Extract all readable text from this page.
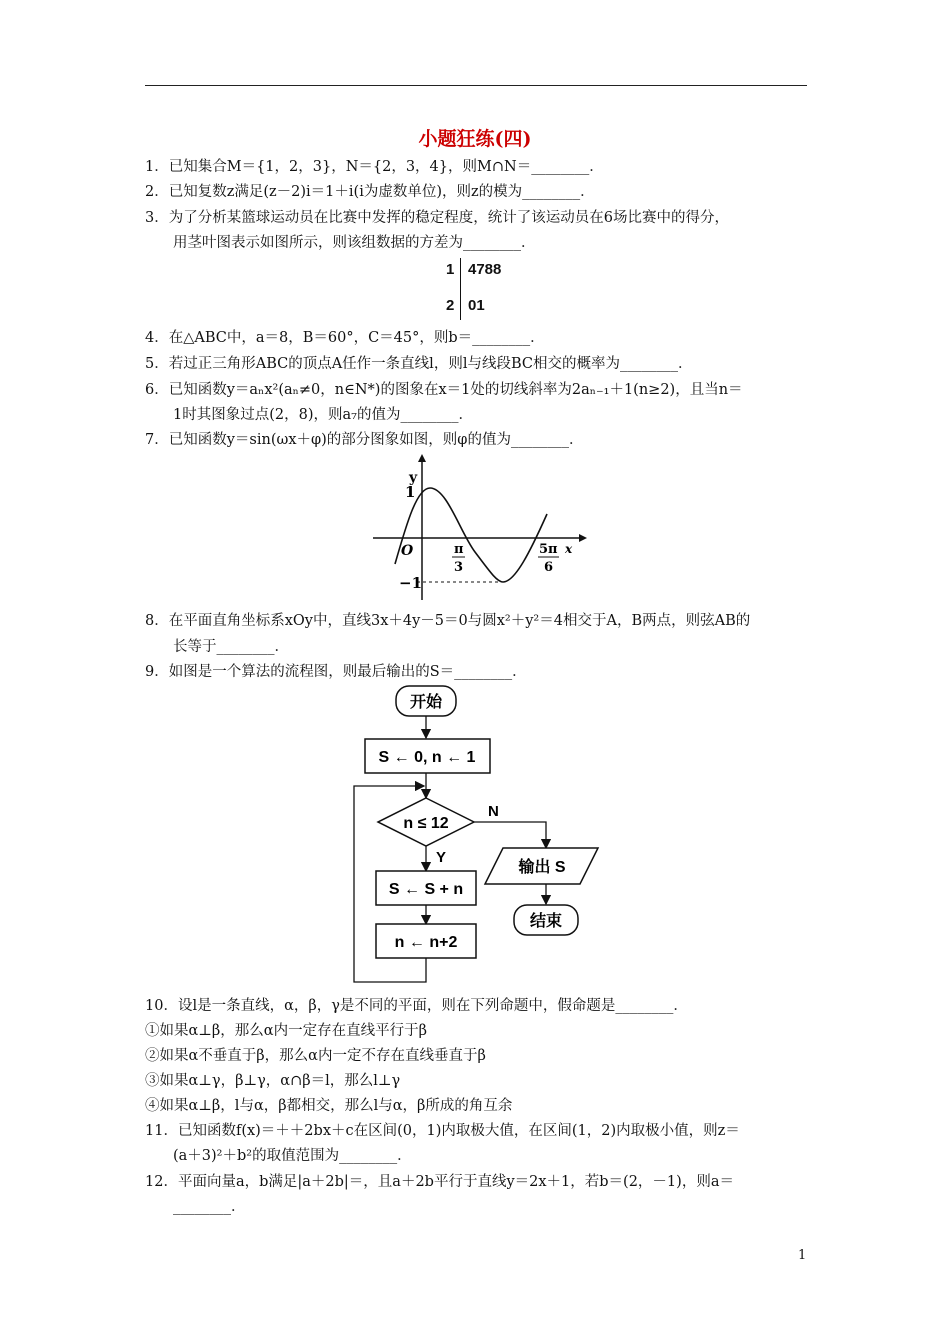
小题狂练(四)
1．已知集合M＝{1，2，3}，N＝{2，3，4}，则M∩N＝________．
2．已知复数z满足(z－2)i＝1＋i(i为虚数单位)，则z的模为________．
3．为了分析某篮球运动员在比赛中发挥的稳定程度，统计了该运动员在6场比赛中的得分，
用茎叶图表示如图所示，则该组数据的方差为________．
1 4788
2 01
4．在△ABC中，a＝8，B＝60°，C＝45°，则b＝________．
5．若过正三角形ABC的顶点A任作一条直线l，则l与线段BC相交的概率为________．
6．已知函数y＝aₙx²(aₙ≠0，n∈N*)的图象在x＝1处的切线斜率为2aₙ₋₁＋1(n≥2)，且当n＝
1时其图象过点(2，8)，则a₇的值为________．
7．已知函数y＝sin(ωx＋φ)的部分图象如图，则φ的值为________．
y
x
O
1
−1
π
3
5π
6
8．在平面直角坐标系xOy中，直线3x＋4y－5＝0与圆x²＋y²＝4相交于A，B两点，则弦AB的
长等于________．
9．如图是一个算法的流程图，则最后输出的S＝________．
开始
S ← 0, n ← 1
n ≤ 12
N
Y
输出 S
结束
S ← S + n
n ← n+2
10．设l是一条直线，α，β，γ是不同的平面，则在下列命题中，假命题是________．
①如果α⊥β，那么α内一定存在直线平行于β
②如果α不垂直于β，那么α内一定不存在直线垂直于β
③如果α⊥γ，β⊥γ，α∩β＝l，那么l⊥γ
④如果α⊥β，l与α，β都相交，那么l与α，β所成的角互余
11．已知函数f(x)＝＋＋2bx＋c在区间(0，1)内取极大值，在区间(1，2)内取极小值，则z＝
(a＋3)²＋b²的取值范围为________．
12．平面向量a，b满足|a＋2b|＝，且a＋2b平行于直线y＝2x＋1，若b＝(2，－1)，则a＝
________．
1
